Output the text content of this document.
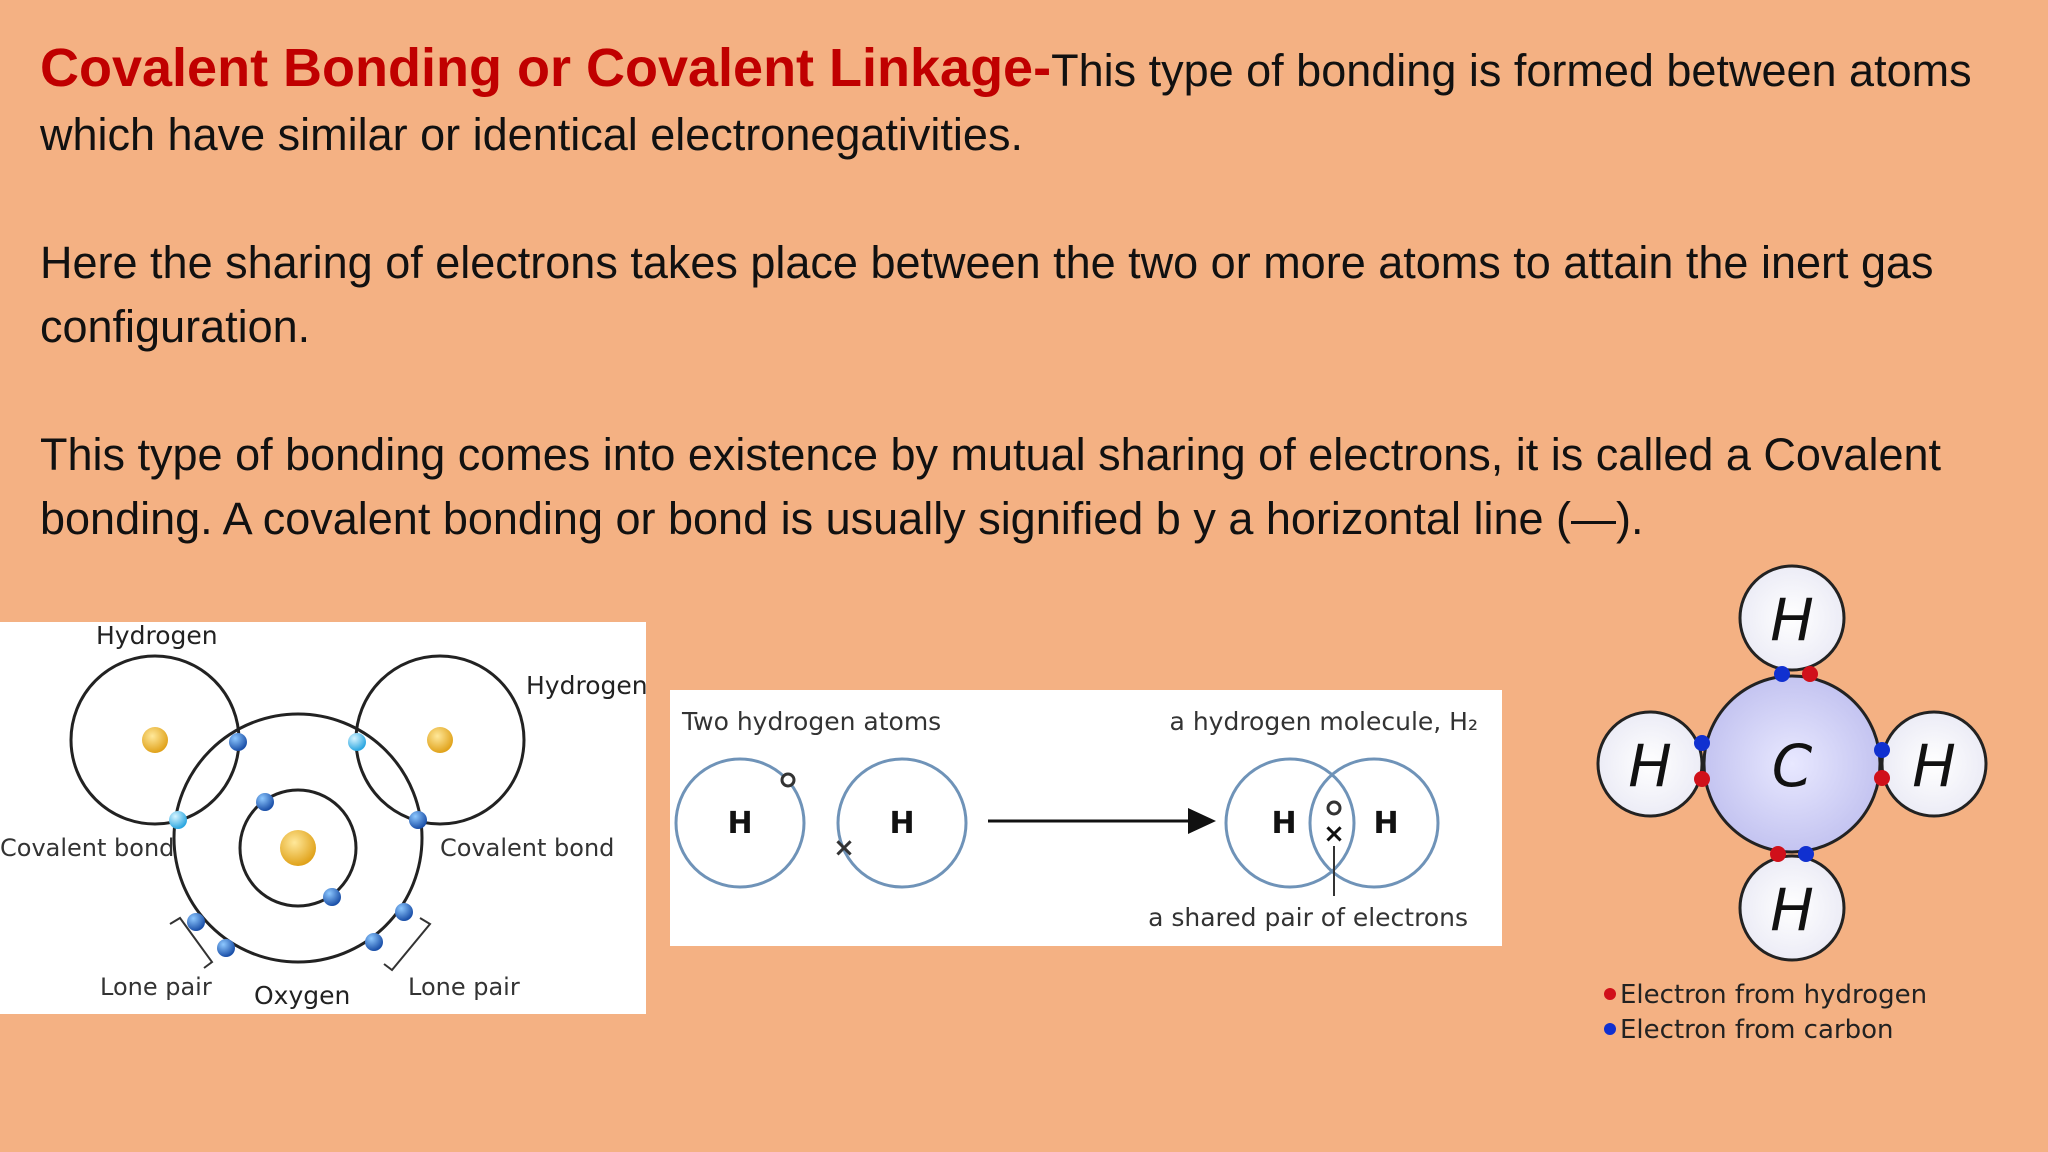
Covalent Bonding or Covalent Linkage-This type of bonding is formed between atoms which have similar or identical electronegativities.

Here the sharing of electrons takes place between the two or more atoms to attain the inert gas configuration.

This type of bonding comes into existence by mutual sharing of electrons, it is called a Covalent bonding. A covalent bonding or bond is usually signified b y a horizontal line (—).

Hydrogen
Hydrogen
Covalent bond	Covalent bond
Lone pair	Lone pair
Oxygen
Two hydrogen atoms	a hydrogen molecule, H₂
H	H
×
H	H
×
a shared pair of electrons
H
H
H	H
C
Electron from hydrogen
Electron from carbon
